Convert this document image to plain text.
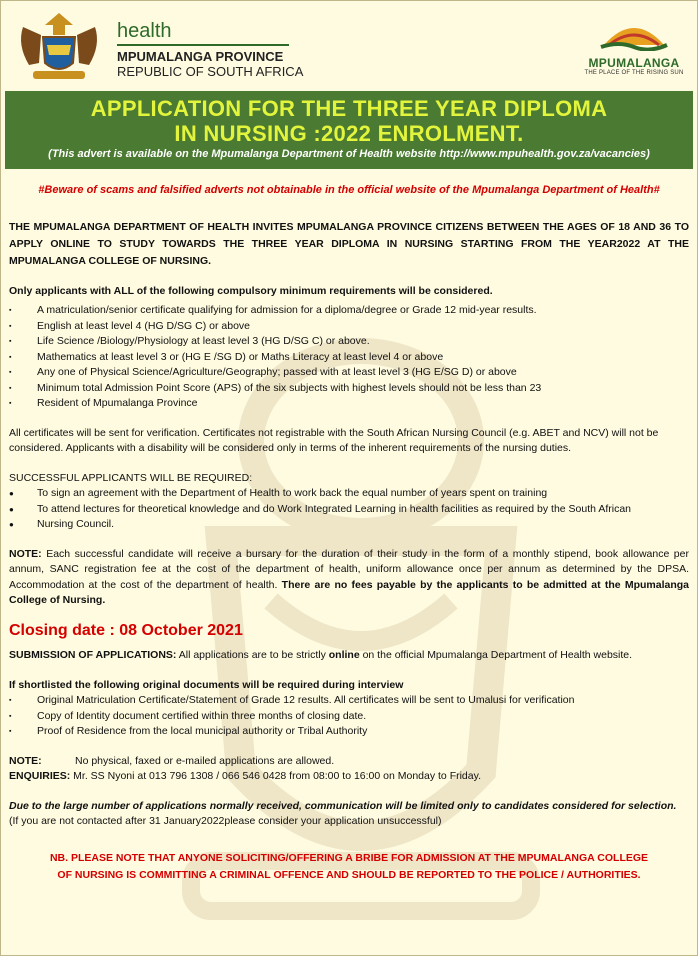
health
MPUMALANGA PROVINCE
REPUBLIC OF SOUTH AFRICA
MPUMALANGA
THE PLACE OF THE RISING SUN
APPLICATION FOR THE THREE YEAR DIPLOMA
IN NURSING :2022 ENROLMENT.
(This advert is available on the Mpumalanga Department of Health website http://www.mpuhealth.gov.za/vacancies)
#Beware of scams and falsified adverts not obtainable in the official website of the Mpumalanga Department of Health#
THE MPUMALANGA DEPARTMENT OF HEALTH INVITES MPUMALANGA PROVINCE CITIZENS BETWEEN THE AGES OF 18 AND 36 TO APPLY ONLINE TO STUDY TOWARDS THE THREE YEAR DIPLOMA IN NURSING STARTING FROM THE YEAR2022 AT THE MPUMALANGA COLLEGE OF NURSING.
Only applicants with ALL of the following compulsory minimum requirements will be considered.
▪ A matriculation/senior certificate qualifying for admission for a diploma/degree or Grade 12 mid-year results.
▪ English at least level 4 (HG D/SG C) or above
▪ Life Science /Biology/Physiology at least level 3 (HG D/SG C) or above.
▪ Mathematics at least level 3 or (HG E /SG D) or Maths Literacy at least level 4 or above
▪ Any one of Physical Science/Agriculture/Geography; passed with at least level 3 (HG E/SG D) or above
▪ Minimum total Admission Point Score (APS) of the six subjects with highest levels should not be less than 23
▪ Resident of Mpumalanga Province
All certificates will be sent for verification. Certificates not registrable with the South African Nursing Council (e.g. ABET and NCV) will not be considered. Applicants with a disability will be considered only in terms of the inherent requirements of the nursing duties.
SUCCESSFUL APPLICANTS WILL BE REQUIRED:
● To sign an agreement with the Department of Health to work back the equal number of years spent on training
● To attend lectures for theoretical knowledge and do Work Integrated Learning in health facilities as required by the South African
● Nursing Council.
NOTE: Each successful candidate will receive a bursary for the duration of their study in the form of a monthly stipend, book allowance per annum, SANC registration fee at the cost of the department of health, uniform allowance once per annum as determined by the DPSA. Accommodation at the cost of the department of health. There are no fees payable by the applicants to be admitted at the Mpumalanga College of Nursing.
Closing date : 08 October 2021
SUBMISSION OF APPLICATIONS: All applications are to be strictly online on the official Mpumalanga Department of Health website.
If shortlisted the following original documents will be required during interview
▪ Original Matriculation Certificate/Statement of Grade 12 results. All certificates will be sent to Umalusi for verification
▪ Copy of Identity document certified within three months of closing date.
▪ Proof of Residence from the local municipal authority or Tribal Authority
NOTE:	No physical, faxed or e-mailed applications are allowed.
ENQUIRIES: Mr. SS Nyoni at 013 796 1308 / 066 546 0428 from 08:00 to 16:00 on Monday to Friday.
Due to the large number of applications normally received, communication will be limited only to candidates considered for selection.
(If you are not contacted after 31 January2022please consider your application unsuccessful)
NB. PLEASE NOTE THAT ANYONE SOLICITING/OFFERING A BRIBE FOR ADMISSION AT THE MPUMALANGA COLLEGE
OF NURSING IS COMMITTING A CRIMINAL OFFENCE AND SHOULD BE REPORTED TO THE POLICE / AUTHORITIES.
